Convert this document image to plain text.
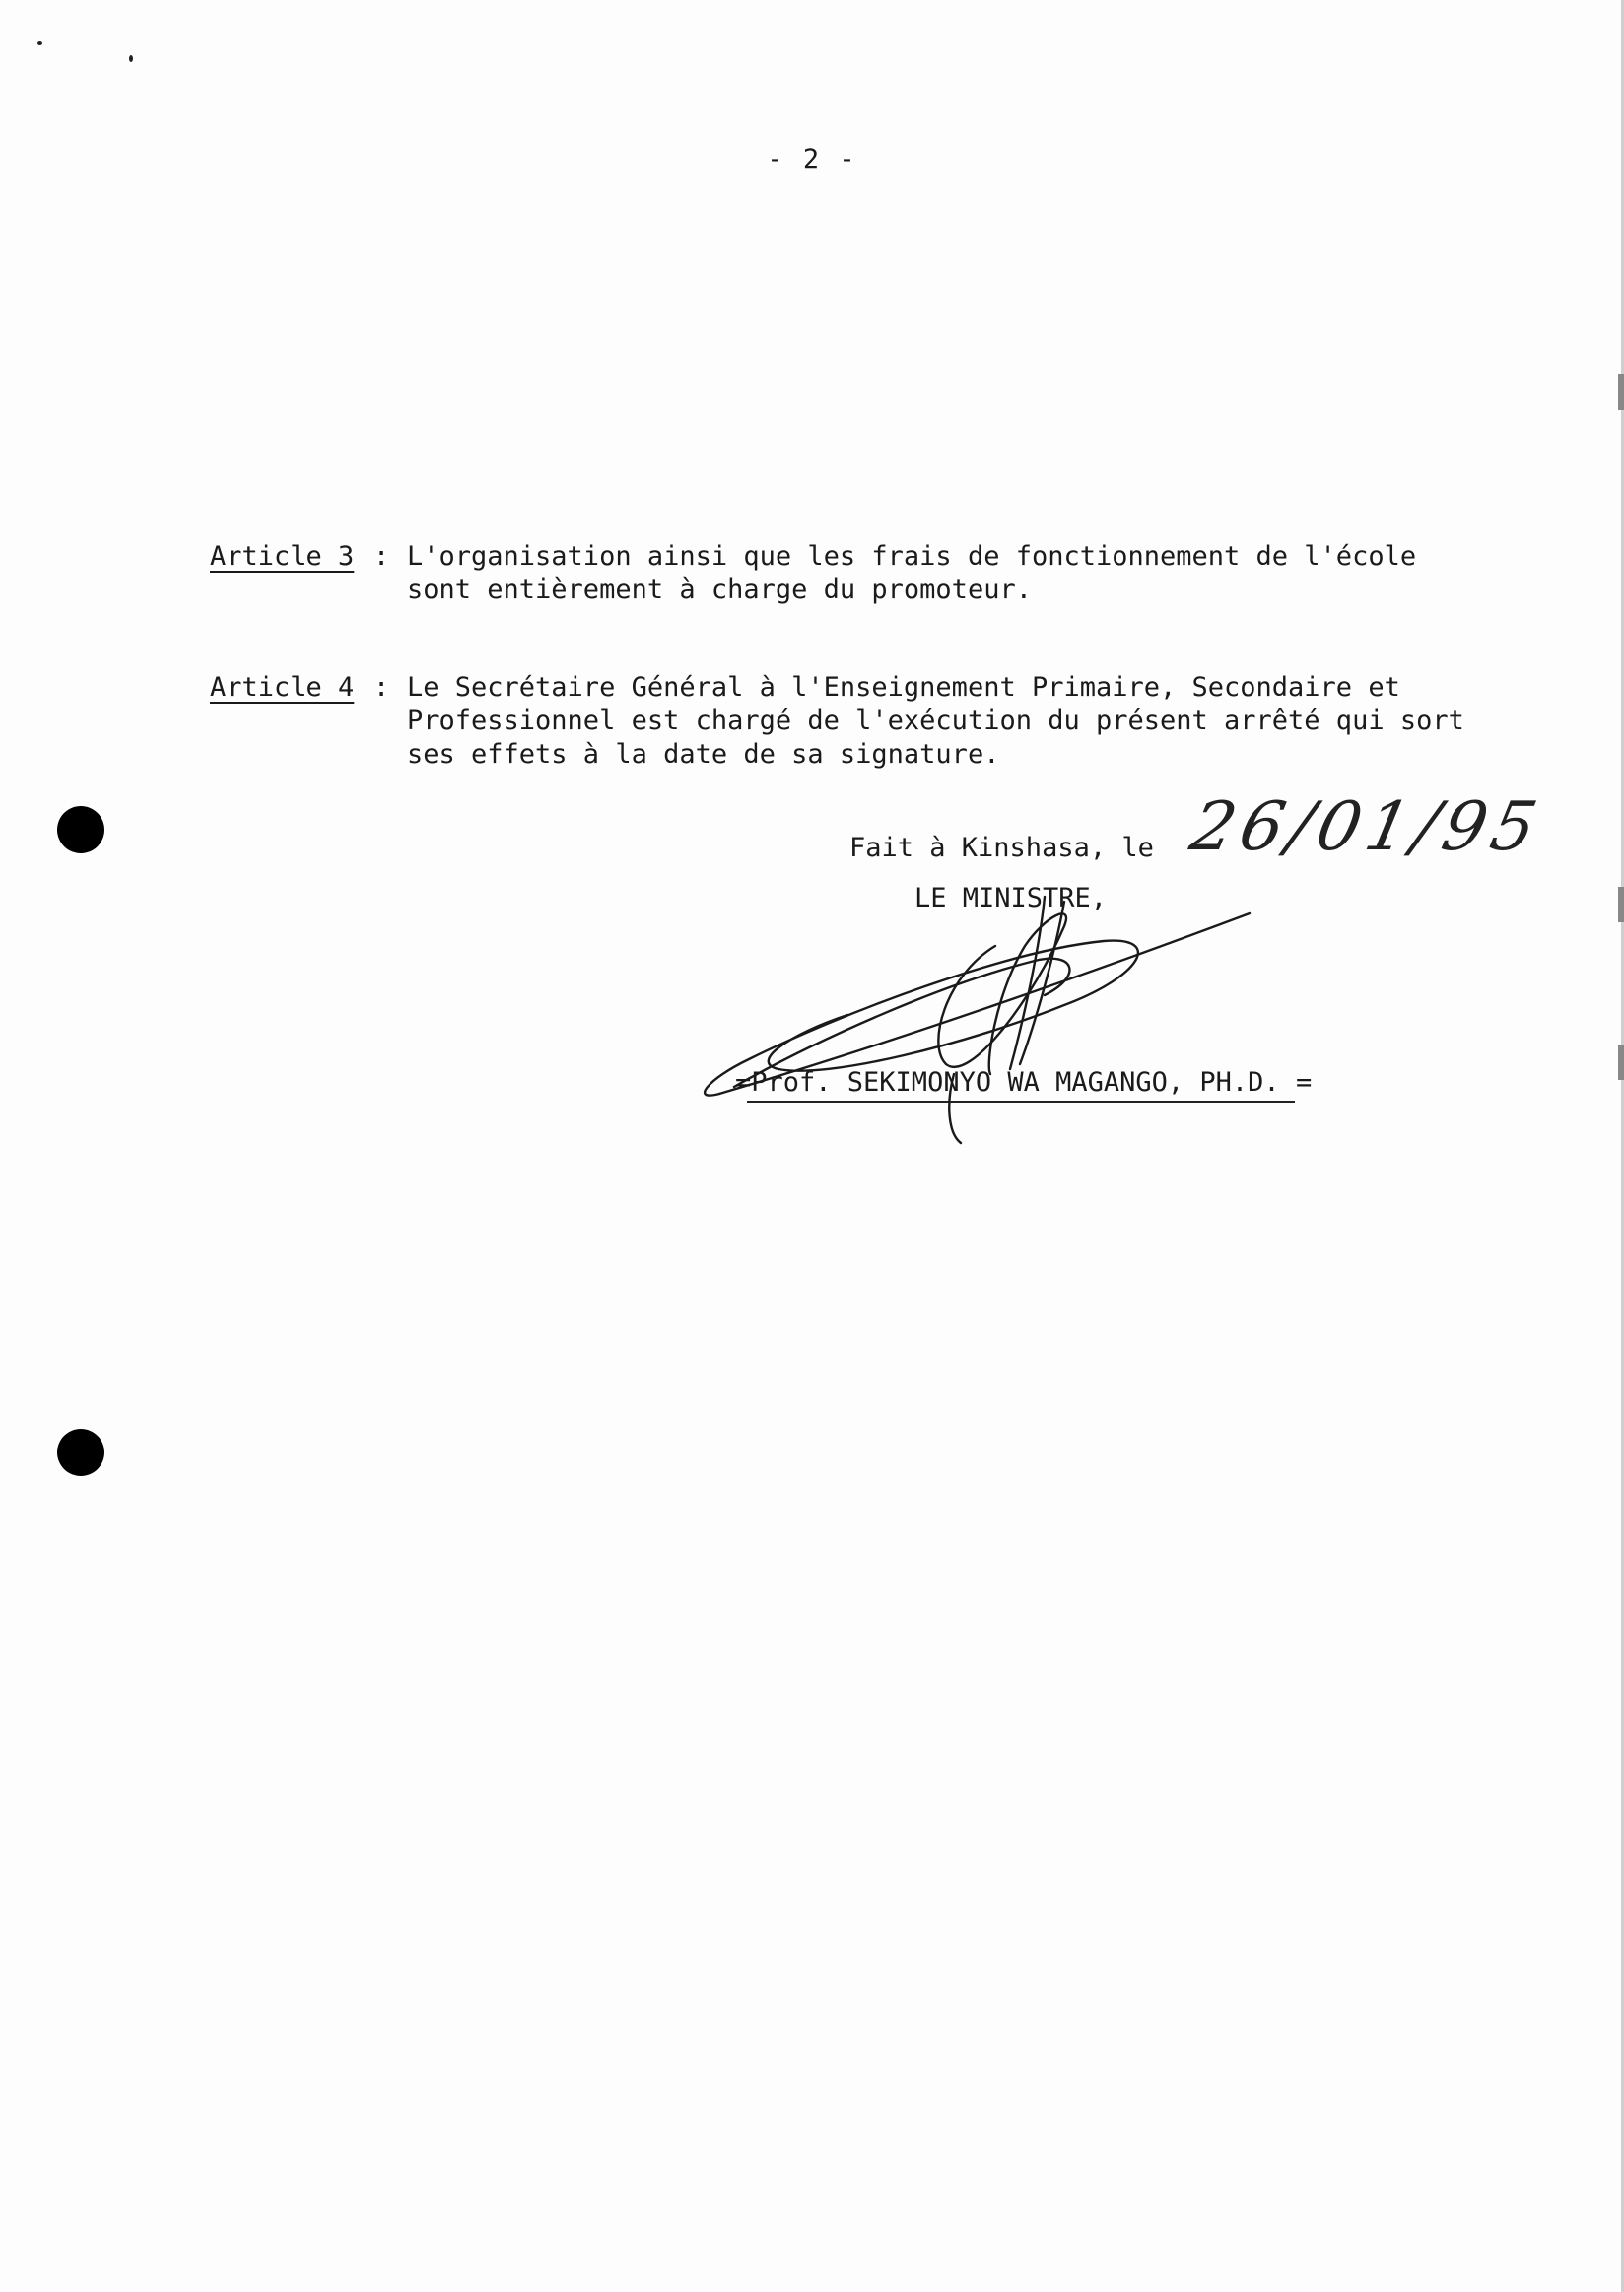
- 2 -
Article 3 : L'organisation ainsi que les frais de fonctionnement de l'école
sont entièrement à charge du promoteur.
Article 4 : Le Secrétaire Général à l'Enseignement Primaire, Secondaire et
Professionnel est chargé de l'exécution du présent arrêté qui sort
ses effets à la date de sa signature.
Fait à Kinshasa, le 26/01/95
LE MINISTRE,
=Prof. SEKIMONYO WA MAGANGO, PH.D. =
